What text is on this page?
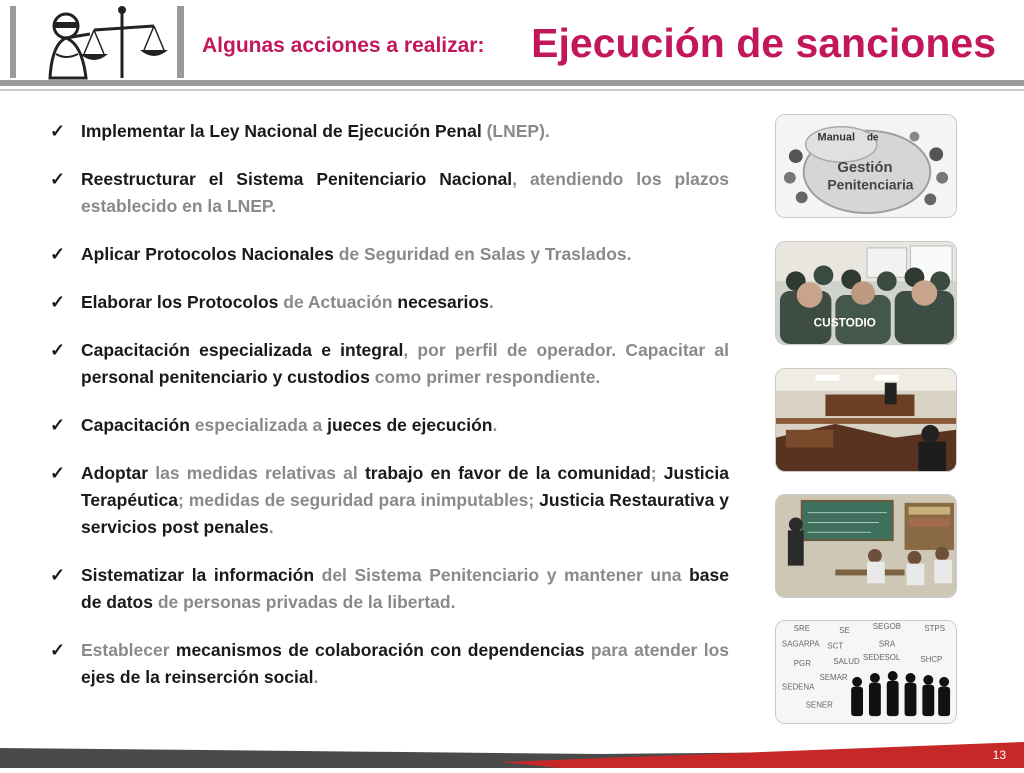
Algunas acciones a realizar: Ejecución de sanciones
✓ Implementar la Ley Nacional de Ejecución Penal (LNEP).
✓ Reestructurar el Sistema Penitenciario Nacional, atendiendo los plazos establecido en la LNEP.
✓ Aplicar Protocolos Nacionales de Seguridad en Salas y Traslados.
✓ Elaborar los Protocolos de Actuación necesarios.
✓ Capacitación especializada e integral, por perfil de operador. Capacitar al personal penitenciario y custodios como primer respondiente.
✓ Capacitación especializada a jueces de ejecución.
✓ Adoptar las medidas relativas al trabajo en favor de la comunidad; Justicia Terapéutica; medidas de seguridad para inimputables; Justicia Restaurativa y servicios post penales.
✓ Sistematizar la información del Sistema Penitenciario y mantener una base de datos de personas privadas de la libertad.
✓ Establecer mecanismos de colaboración con dependencias para atender los ejes de la reinserción social.
Manual de
Gestión
Penitenciaria
CUSTODIO
SRE	SE	SEGOB	STPS
SAGARPA SCT	SRA
PGR	SALUD SEDESOL	SHCP
SEMAR
SEDENA
SENER
13
